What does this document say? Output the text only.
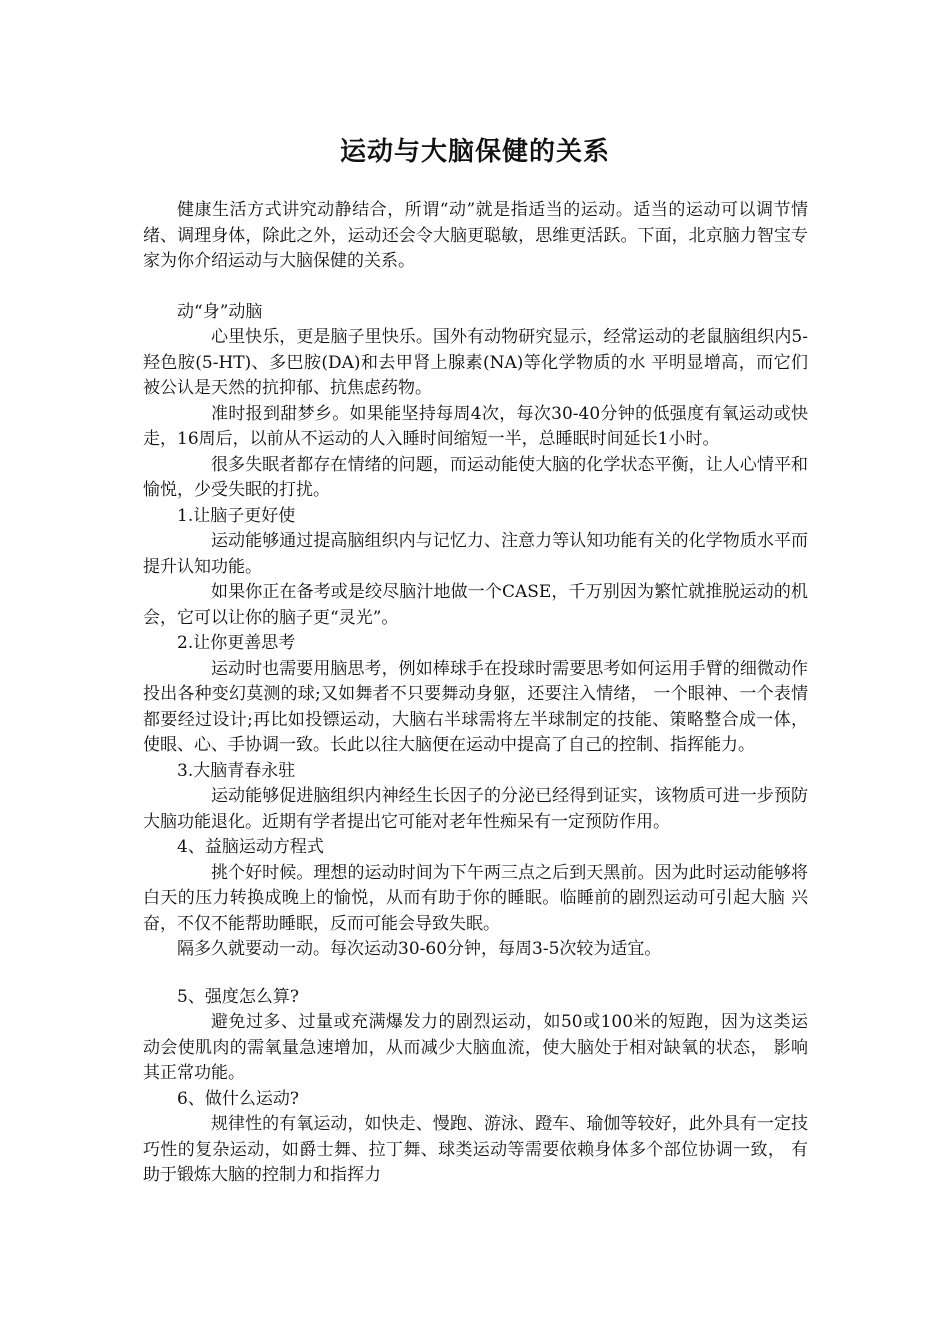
运动与大脑保健的关系

健康生活方式讲究动静结合，所谓“动”就是指适当的运动。适当的运动可以调节情绪、调理身体，除此之外，运动还会令大脑更聪敏，思维更活跃。下面，北京脑力智宝专家为你介绍运动与大脑保健的关系。

动“身”动脑

心里快乐，更是脑子里快乐。国外有动物研究显示，经常运动的老鼠脑组织内5-羟色胺(5-HT)、多巴胺(DA)和去甲肾上腺素(NA)等化学物质的水 平明显增高，而它们被公认是天然的抗抑郁、抗焦虑药物。

准时报到甜梦乡。如果能坚持每周4次，每次30-40分钟的低强度有氧运动或快走，16周后，以前从不运动的人入睡时间缩短一半，总睡眠时间延长1小时。

很多失眠者都存在情绪的问题，而运动能使大脑的化学状态平衡，让人心情平和愉悦，少受失眠的打扰。

1.让脑子更好使

运动能够通过提高脑组织内与记忆力、注意力等认知功能有关的化学物质水平而提升认知功能。

如果你正在备考或是绞尽脑汁地做一个CASE，千万别因为繁忙就推脱运动的机会，它可以让你的脑子更“灵光”。

2.让你更善思考

运动时也需要用脑思考，例如棒球手在投球时需要思考如何运用手臂的细微动作投出各种变幻莫测的球;又如舞者不只要舞动身躯，还要注入情绪， 一个眼神、一个表情都要经过设计;再比如投镖运动，大脑右半球需将左半球制定的技能、策略整合成一体，使眼、心、手协调一致。长此以往大脑便在运动中提高了自己的控制、指挥能力。

3.大脑青春永驻

运动能够促进脑组织内神经生长因子的分泌已经得到证实，该物质可进一步预防大脑功能退化。近期有学者提出它可能对老年性痴呆有一定预防作用。

4、益脑运动方程式

挑个好时候。理想的运动时间为下午两三点之后到天黑前。因为此时运动能够将白天的压力转换成晚上的愉悦，从而有助于你的睡眠。临睡前的剧烈运动可引起大脑 兴奋，不仅不能帮助睡眠，反而可能会导致失眠。

隔多久就要动一动。每次运动30-60分钟，每周3-5次较为适宜。

5、强度怎么算?

避免过多、过量或充满爆发力的剧烈运动，如50或100米的短跑，因为这类运动会使肌肉的需氧量急速增加，从而减少大脑血流，使大脑处于相对缺氧的状态， 影响其正常功能。

6、做什么运动?

规律性的有氧运动，如快走、慢跑、游泳、蹬车、瑜伽等较好，此外具有一定技巧性的复杂运动，如爵士舞、拉丁舞、球类运动等需要依赖身体多个部位协调一致， 有助于锻炼大脑的控制力和指挥力
